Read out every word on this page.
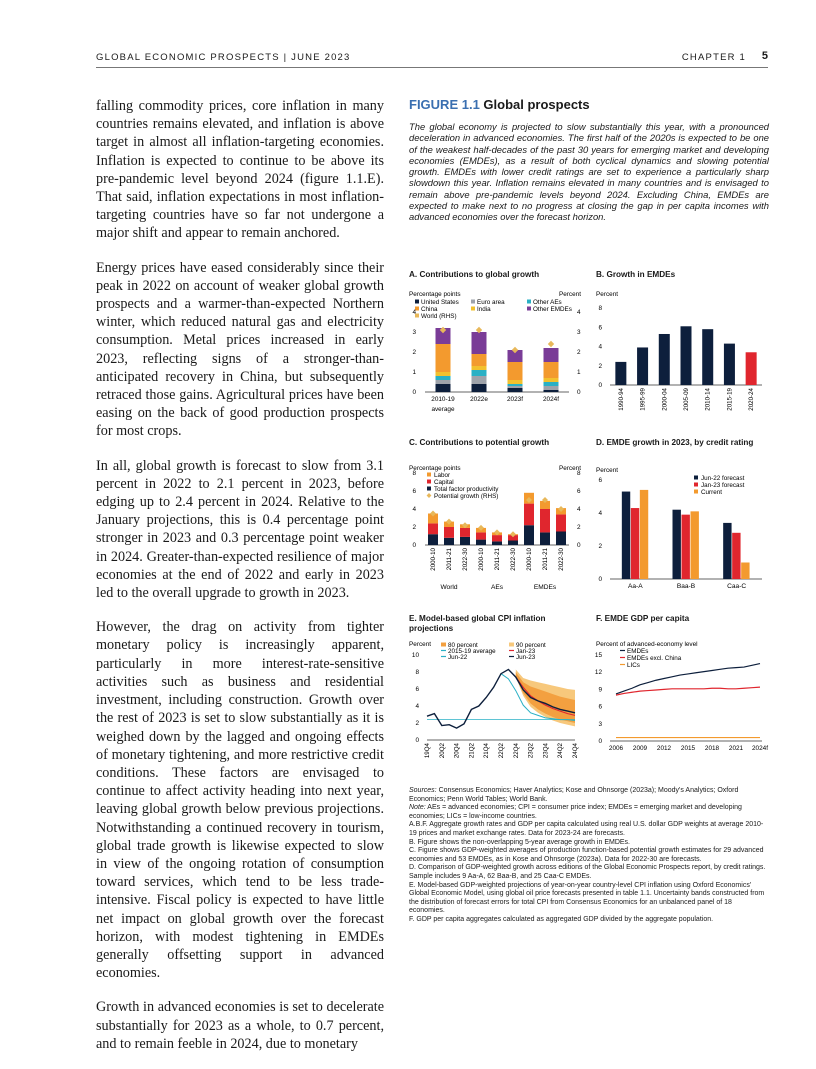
GLOBAL ECONOMIC PROSPECTS | JUNE 2023	CHAPTER 1 5

falling commodity prices, core inflation in many countries remains elevated, and inflation is above target in almost all inflation-targeting economies. Inflation is expected to continue to be above its pre-pandemic level beyond 2024 (figure 1.1.E). That said, inflation expectations in most inflation-targeting countries have so far not undergone a major shift and appear to remain anchored.

Energy prices have eased considerably since their peak in 2022 on account of weaker global growth prospects and a warmer-than-expected Northern winter, which reduced natural gas and electricity consumption. Metal prices increased in early 2023, reflecting signs of a stronger-than-anticipated recovery in China, but subsequently retraced those gains. Agricultural prices have been easing on the back of good production prospects for most crops.

In all, global growth is forecast to slow from 3.1 percent in 2022 to 2.1 percent in 2023, before edging up to 2.4 percent in 2024. Relative to the January projections, this is 0.4 percentage point stronger in 2023 and 0.3 percentage point weaker in 2024. Greater-than-expected resilience of major economies at the end of 2022 and early in 2023 led to the overall upgrade to growth in 2023.

However, the drag on activity from tighter monetary policy is increasingly apparent, particularly in more interest-rate-sensitive activities such as business and residential investment, including construction. Growth over the rest of 2023 is set to slow substantially as it is weighed down by the lagged and ongoing effects of monetary tightening, and more restrictive credit conditions. These factors are envisaged to continue to affect activity heading into next year, leaving global growth below previous projections. Notwithstanding a continued recovery in tourism, global trade growth is likewise expected to slow in view of the ongoing rotation of consumption toward services, which tend to be less trade-intensive. Fiscal policy is expected to have little net impact on global growth over the forecast horizon, with modest tightening in EMDEs generally offsetting support in advanced economies.

Growth in advanced economies is set to decelerate substantially for 2023 as a whole, to 0.7 percent, and to remain feeble in 2024, due to monetary

FIGURE 1.1 Global prospects
The global economy is projected to slow substantially this year, with a pronounced deceleration in advanced economies. The first half of the 2020s is expected to be one of the weakest half-decades of the past 30 years for emerging market and developing economies (EMDEs), as a result of both cyclical dynamics and slowing potential growth. EMDEs with lower credit ratings are set to experience a particularly sharp slowdown this year. Inflation remains elevated in many countries and is envisaged to remain above pre-pandemic levels beyond 2024. Excluding China, EMDEs are expected to make next to no progress at closing the gap in per capita incomes with advanced economies over the forecast horizon.
A. Contributions to global growth
Percentage points	Percent
United States
China
World (RHS)
Euro area
India
Other AEs
Other EMDEs
0
1
2
3
4
0
1
2
3
4
2010-19 2022e	2023f	2024f
average
B. Growth in EMDEs
Percent
0
2
4
6
8
1990-94 1995-99 2000-04 2005-09 2010-14 2015-19 2020-24
C. Contributions to potential growth
Percentage points	Percent
Labor
Capital
Total factor productivity
Potential growth (RHS)
0
2
4
6
8
0
2
4
6
8
2000-10 2011-21 2022-30 2000-10 2011-21 2022-30 2000-10 2011-21 2022-30
World	AEs	EMDEs
D. EMDE growth in 2023, by credit rating
Percent
Jun-22 forecast
Jan-23 forecast
Current
0
2
4
6
Aa-A	Baa-B	Caa-C
E. Model-based global CPI inflation projections
Percent	80 percent	90 percent
2015-19 average	Jan-23
Jun-22	Jun-23
0
2
4
6
8
10
19Q4 20Q2 20Q4 21Q2 21Q4 22Q2 22Q4 23Q2 23Q4 24Q2 24Q4
F. EMDE GDP per capita
Percent of advanced-economy level
EMDEs
EMDEs excl. China
LICs
0
3
6
9
12
15
2006 2009 2012 2015 2018 2021 2024f

Sources: Consensus Economics; Haver Analytics; Kose and Ohnsorge (2023a); Moody's Analytics; Oxford Economics; Penn World Tables; World Bank.

Note: AEs = advanced economies; CPI = consumer price index; EMDEs = emerging market and developing economies; LICs = low-income countries.

A.B.F. Aggregate growth rates and GDP per capita calculated using real U.S. dollar GDP weights at average 2010-19 prices and market exchange rates. Data for 2023-24 are forecasts.

B. Figure shows the non-overlapping 5-year average growth in EMDEs.

C. Figure shows GDP-weighted averages of production function-based potential growth estimates for 29 advanced economies and 53 EMDEs, as in Kose and Ohnsorge (2023a). Data for 2022-30 are forecasts.

D. Comparison of GDP-weighted growth across editions of the Global Economic Prospects report, by credit ratings. Sample includes 9 Aa-A, 62 Baa-B, and 25 Caa-C EMDEs.

E. Model-based GDP-weighted projections of year-on-year country-level CPI inflation using Oxford Economics' Global Economic Model, using global oil price forecasts presented in table 1.1. Uncertainty bands constructed from the distribution of forecast errors for total CPI from Consensus Economics for an unbalanced panel of 18 economies.

F. GDP per capita aggregates calculated as aggregated GDP divided by the aggregate population.
